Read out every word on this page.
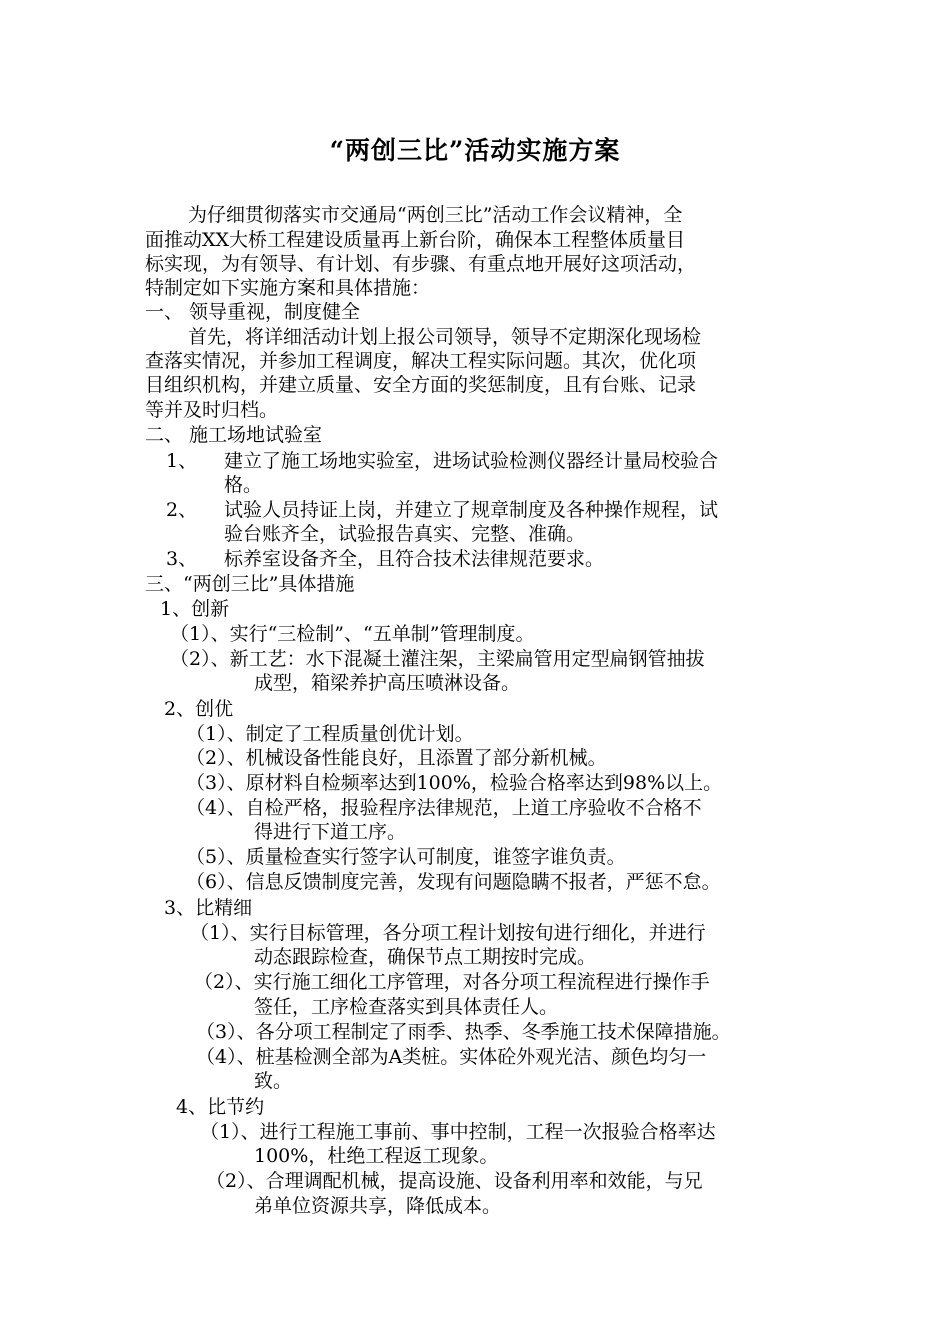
“两创三比”活动实施方案
为仔细贯彻落实市交通局“两创三比”活动工作会议精神，全
面推动XX大桥工程建设质量再上新台阶，确保本工程整体质量目
标实现，为有领导、有计划、有步骤、有重点地开展好这项活动，
特制定如下实施方案和具体措施：
一、 领导重视，制度健全
首先，将详细活动计划上报公司领导，领导不定期深化现场检
查落实情况，并参加工程调度，解决工程实际问题。其次，优化项
目组织机构，并建立质量、安全方面的奖惩制度，且有台账、记录
等并及时归档。
二、 施工场地试验室
1、 建立了施工场地实验室，进场试验检测仪器经计量局校验合
格。
2、 试验人员持证上岗，并建立了规章制度及各种操作规程，试
验台账齐全，试验报告真实、完整、准确。
3、 标养室设备齐全，且符合技术法律规范要求。
三、“两创三比”具体措施
1、创新
（1）、实行“三检制”、“五单制”管理制度。
（2）、新工艺：水下混凝土灌注架，主梁扁管用定型扁钢管抽拔
成型，箱梁养护高压喷淋设备。
2、创优
（1）、制定了工程质量创优计划。
（2）、机械设备性能良好，且添置了部分新机械。
（3）、原材料自检频率达到100%，检验合格率达到98%以上。
（4）、自检严格，报验程序法律规范，上道工序验收不合格不
得进行下道工序。
（5）、质量检查实行签字认可制度，谁签字谁负责。
（6）、信息反馈制度完善，发现有问题隐瞒不报者，严惩不怠。
3、比精细
（1）、实行目标管理，各分项工程计划按旬进行细化，并进行
动态跟踪检查，确保节点工期按时完成。
（2）、实行施工细化工序管理，对各分项工程流程进行操作手
签任，工序检查落实到具体责任人。
（3）、各分项工程制定了雨季、热季、冬季施工技术保障措施。
（4）、桩基检测全部为A类桩。实体砼外观光洁、颜色均匀一
致。
4、比节约
（1）、进行工程施工事前、事中控制，工程一次报验合格率达
100%，杜绝工程返工现象。
（2）、合理调配机械，提高设施、设备利用率和效能，与兄
弟单位资源共享，降低成本。
